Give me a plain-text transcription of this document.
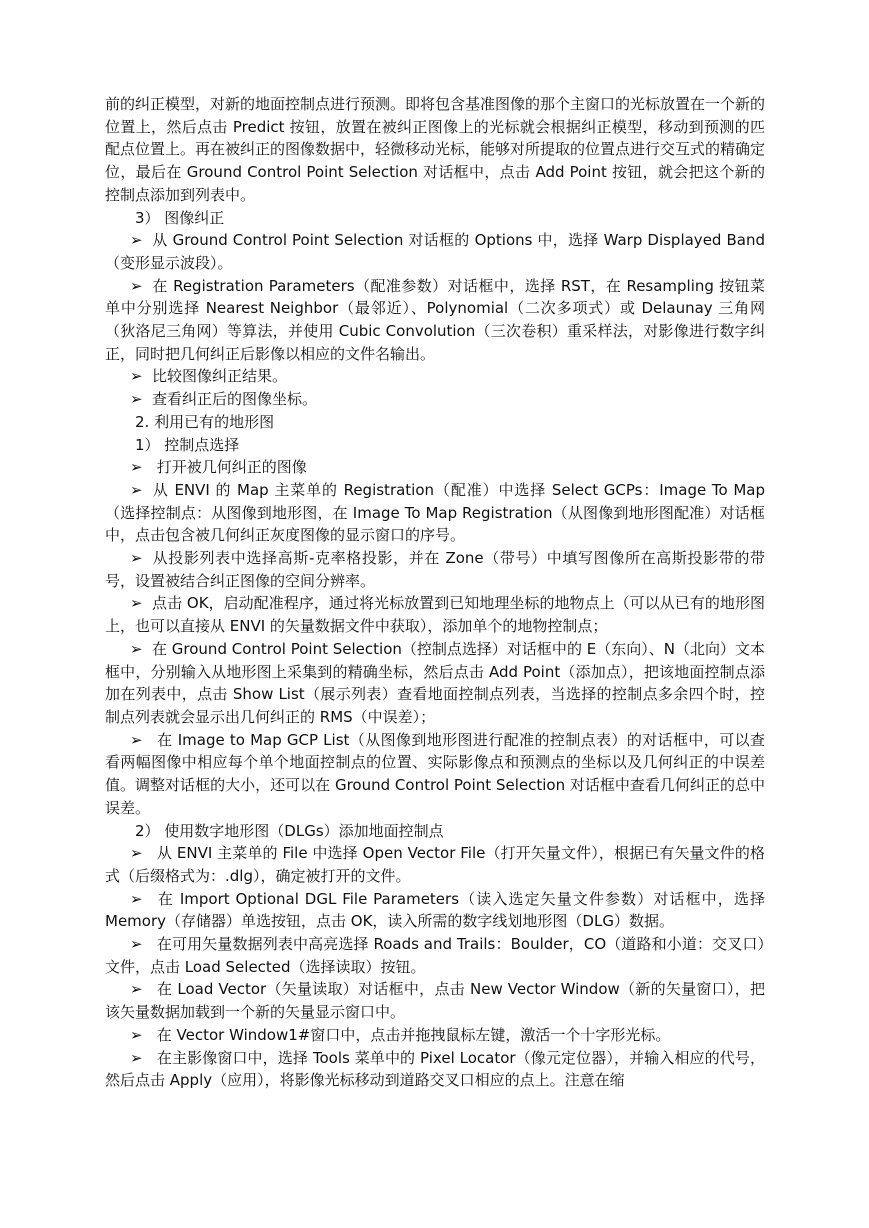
前的纠正模型，对新的地面控制点进行预测。即将包含基准图像的那个主窗口的光标放置在一个新的位置上，然后点击 Predict 按钮，放置在被纠正图像上的光标就会根据纠正模型，移动到预测的匹配点位置上。再在被纠正的图像数据中，轻微移动光标，能够对所提取的位置点进行交互式的精确定位，最后在 Ground Control Point Selection 对话框中，点击 Add Point 按钮，就会把这个新的控制点添加到列表中。

3） 图像纠正

➢ 从 Ground Control Point Selection 对话框的 Options 中，选择 Warp Displayed Band（变形显示波段）。

➢ 在 Registration Parameters（配准参数）对话框中，选择 RST，在 Resampling 按钮菜单中分别选择 Nearest Neighbor（最邻近）、Polynomial（二次多项式）或 Delaunay 三角网（狄洛尼三角网）等算法，并使用 Cubic Convolution（三次卷积）重采样法，对影像进行数字纠正，同时把几何纠正后影像以相应的文件名输出。

➢ 比较图像纠正结果。

➢ 查看纠正后的图像坐标。

2. 利用已有的地形图

1） 控制点选择

➢ 打开被几何纠正的图像

➢ 从 ENVI 的 Map 主菜单的 Registration（配准）中选择 Select GCPs：Image To Map（选择控制点：从图像到地形图，在 Image To Map Registration（从图像到地形图配准）对话框中，点击包含被几何纠正灰度图像的显示窗口的序号。

➢ 从投影列表中选择高斯-克率格投影，并在 Zone（带号）中填写图像所在高斯投影带的带号，设置被结合纠正图像的空间分辨率。

➢ 点击 OK，启动配准程序，通过将光标放置到已知地理坐标的地物点上（可以从已有的地形图上，也可以直接从 ENVI 的矢量数据文件中获取），添加单个的地物控制点；

➢ 在 Ground Control Point Selection（控制点选择）对话框中的 E（东向）、N（北向）文本框中，分别输入从地形图上采集到的精确坐标，然后点击 Add Point（添加点），把该地面控制点添加在列表中，点击 Show List（展示列表）查看地面控制点列表，当选择的控制点多余四个时，控制点列表就会显示出几何纠正的 RMS（中误差）；

➢ 在 Image to Map GCP List（从图像到地形图进行配准的控制点表）的对话框中，可以查看两幅图像中相应每个单个地面控制点的位置、实际影像点和预测点的坐标以及几何纠正的中误差值。调整对话框的大小，还可以在 Ground Control Point Selection 对话框中查看几何纠正的总中误差。

2） 使用数字地形图（DLGs）添加地面控制点

➢ 从 ENVI 主菜单的 File 中选择 Open Vector File（打开矢量文件），根据已有矢量文件的格式（后缀格式为：.dlg），确定被打开的文件。

➢ 在 Import Optional DGL File Parameters（读入选定矢量文件参数）对话框中，选择 Memory（存储器）单选按钮，点击 OK，读入所需的数字线划地形图（DLG）数据。

➢ 在可用矢量数据列表中高亮选择 Roads and Trails：Boulder，CO（道路和小道：交叉口）文件，点击 Load Selected（选择读取）按钮。

➢ 在 Load Vector（矢量读取）对话框中，点击 New Vector Window（新的矢量窗口），把该矢量数据加载到一个新的矢量显示窗口中。

➢ 在 Vector Window1#窗口中，点击并拖拽鼠标左键，激活一个十字形光标。

➢ 在主影像窗口中，选择 Tools 菜单中的 Pixel Locator（像元定位器），并输入相应的代号，然后点击 Apply（应用），将影像光标移动到道路交叉口相应的点上。注意在缩
